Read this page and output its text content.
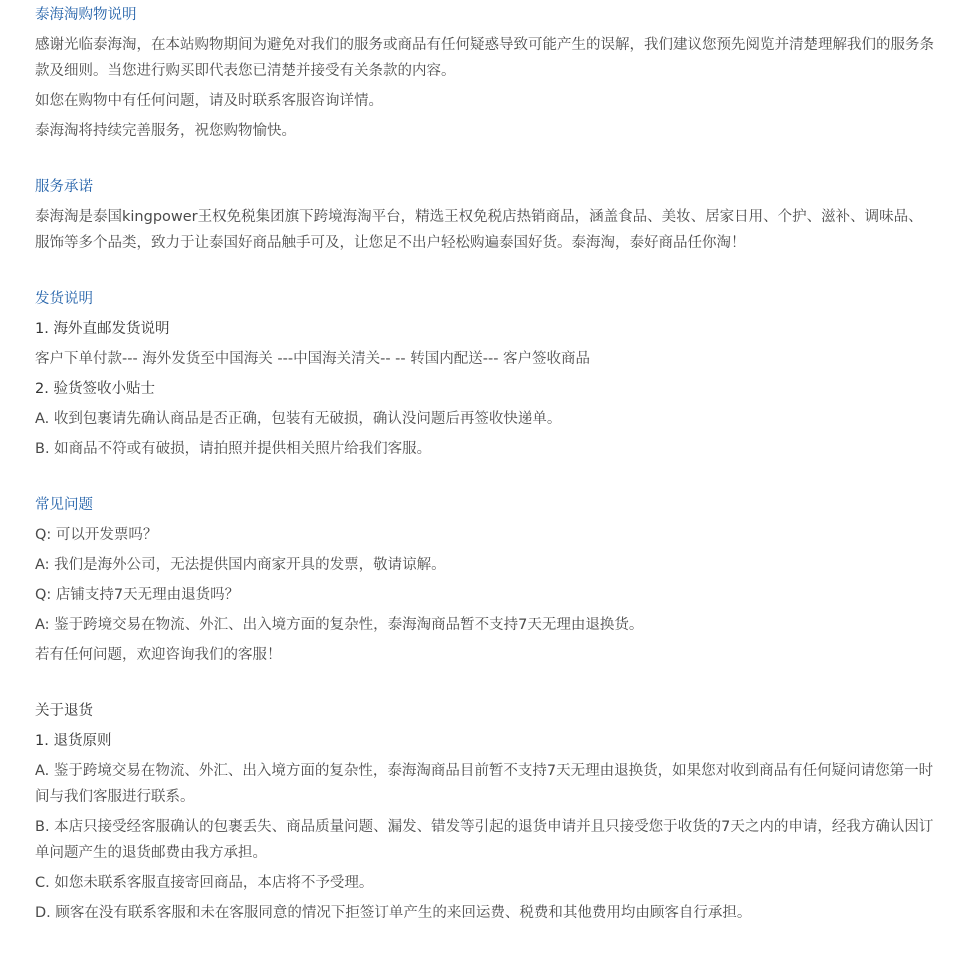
泰海淘购物说明
感谢光临泰海淘，在本站购物期间为避免对我们的服务或商品有任何疑惑导致可能产生的误解，我们建议您预先阅览并清楚理解我们的服务条款及细则。当您进行购买即代表您已清楚并接受有关条款的内容。
如您在购物中有任何问题，请及时联系客服咨询详情。
泰海淘将持续完善服务，祝您购物愉快。
服务承诺
泰海淘是泰国kingpower王权免税集团旗下跨境海淘平台，精选王权免税店热销商品，涵盖食品、美妆、居家日用、个护、滋补、调味品、服饰等多个品类，致力于让泰国好商品触手可及，让您足不出户轻松购遍泰国好货。泰海淘，泰好商品任你淘！
发货说明
1. 海外直邮发货说明
客户下单付款--- 海外发货至中国海关 ---中国海关清关-- -- 转国内配送--- 客户签收商品
2. 验货签收小贴士
A. 收到包裹请先确认商品是否正确，包装有无破损，确认没问题后再签收快递单。
B. 如商品不符或有破损，请拍照并提供相关照片给我们客服。
常见问题
Q: 可以开发票吗？
A: 我们是海外公司，无法提供国内商家开具的发票，敬请谅解。
Q: 店铺支持7天无理由退货吗？
A: 鉴于跨境交易在物流、外汇、出入境方面的复杂性，泰海淘商品暂不支持7天无理由退换货。
若有任何问题，欢迎咨询我们的客服！
关于退货
1. 退货原则
A. 鉴于跨境交易在物流、外汇、出入境方面的复杂性，泰海淘商品目前暂不支持7天无理由退换货，如果您对收到商品有任何疑问请您第一时间与我们客服进行联系。
B. 本店只接受经客服确认的包裹丢失、商品质量问题、漏发、错发等引起的退货申请并且只接受您于收货的7天之内的申请，经我方确认因订单问题产生的退货邮费由我方承担。
C. 如您未联系客服直接寄回商品，本店将不予受理。
D. 顾客在没有联系客服和未在客服同意的情况下拒签订单产生的来回运费、税费和其他费用均由顾客自行承担。
